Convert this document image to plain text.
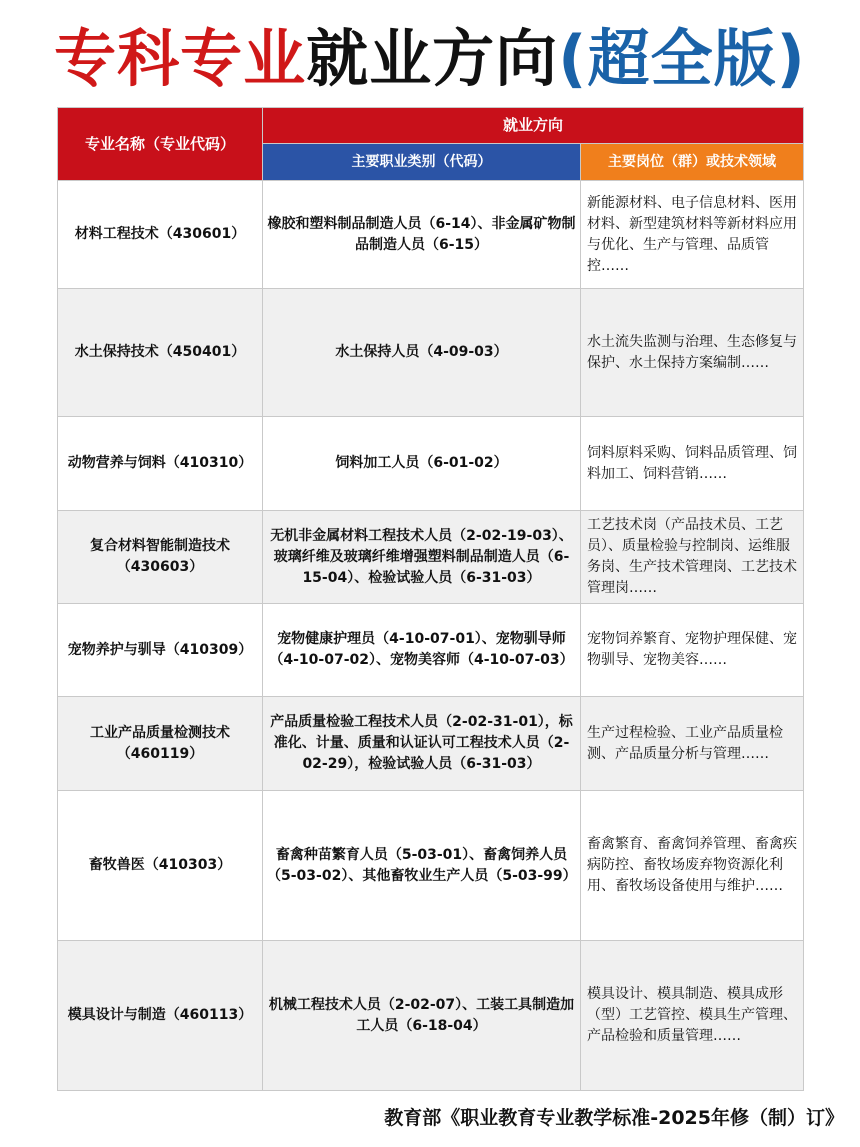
专科专业就业方向(超全版)
专业名称（专业代码）	就业方向	
	主要职业类别（代码）	主要岗位（群）或技术领域
材料工程技术（430601）	橡胶和塑料制品制造人员（6-14）、非金属矿物制品制造人员（6-15）	新能源材料、电子信息材料、医用材料、新型建筑材料等新材料应用与优化、生产与管理、品质管控……
水土保持技术（450401）	水土保持人员（4-09-03）	水土流失监测与治理、生态修复与保护、水土保持方案编制……
动物营养与饲料（410310）	饲料加工人员（6-01-02）	饲料原料采购、饲料品质管理、饲料加工、饲料营销……
复合材料智能制造技术（430603）	无机非金属材料工程技术人员（2-02-19-03）、玻璃纤维及玻璃纤维增强塑料制品制造人员（6-15-04）、检验试验人员（6-31-03）	工艺技术岗（产品技术员、工艺员）、质量检验与控制岗、运维服务岗、生产技术管理岗、工艺技术管理岗……
宠物养护与驯导（410309）	宠物健康护理员（4-10-07-01）、宠物驯导师（4-10-07-02）、宠物美容师（4-10-07-03）	宠物饲养繁育、宠物护理保健、宠物驯导、宠物美容……
工业产品质量检测技术（460119）	产品质量检验工程技术人员（2-02-31-01），标准化、计量、质量和认证认可工程技术人员（2-02-29），检验试验人员（6-31-03）	生产过程检验、工业产品质量检测、产品质量分析与管理……
畜牧兽医（410303）	畜禽种苗繁育人员（5-03-01）、畜禽饲养人员（5-03-02）、其他畜牧业生产人员（5-03-99）	畜禽繁育、畜禽饲养管理、畜禽疾病防控、畜牧场废弃物资源化利用、畜牧场设备使用与维护……
模具设计与制造（460113）	机械工程技术人员（2-02-07）、工装工具制造加工人员（6-18-04）	模具设计、模具制造、模具成形（型）工艺管控、模具生产管理、产品检验和质量管理……
教育部《职业教育专业教学标准-2025年修（制）订》
